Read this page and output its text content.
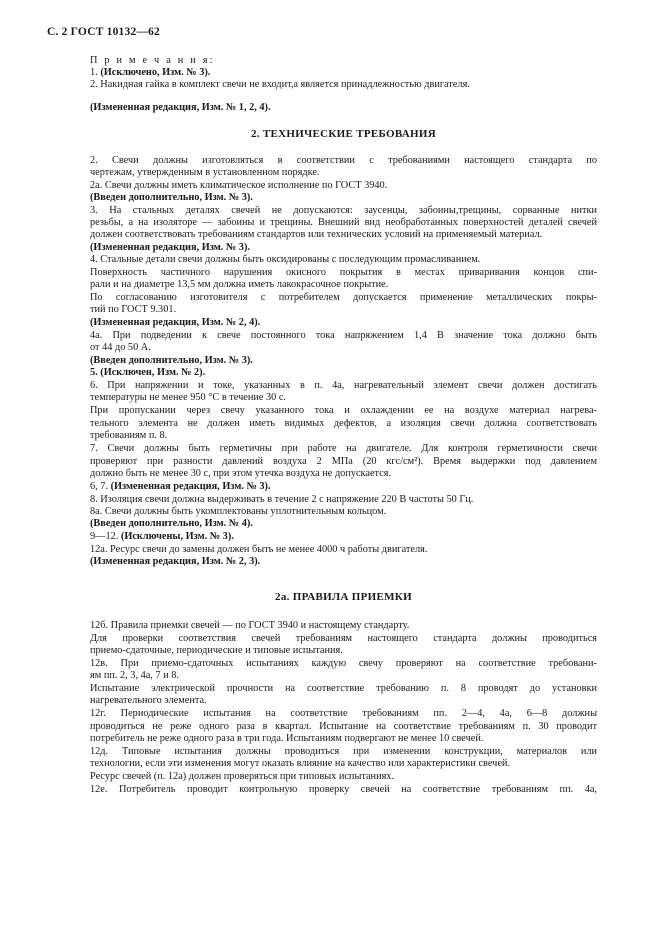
С. 2 ГОСТ 10132—62
П р и м е ч а н и я:
1. (Исключено, Изм. № 3).
2. Накидная гайка в комплект свечи не входит,а является принадлежностью двигателя.
(Измененная редакция, Изм. № 1, 2, 4).
2. ТЕХНИЧЕСКИЕ ТРЕБОВАНИЯ
2. Свечи должны изготовляться в соответствии с требованиями настоящего стандарта по
чертежам, утвержденным в установленном порядке.
2а. Свечи должны иметь климатическое исполнение по ГОСТ 3940.
(Введен дополнительно, Изм. № 3).
3. На стальных деталях свечей не допускаются: заусенцы, забоины,трещины, сорванные нитки
резьбы, а на изоляторе — забоины и трещины. Внешний вид необработанных поверхностей деталей свечей
должен соответствовать требованиям стандартов или технических условий на применяемый материал.
(Измененная редакция, Изм. № 3).
4. Стальные детали свечи должны быть оксидированы с последующим промасливанием.
Поверхность частичного нарушения окисного покрытия в местах приваривания концов спи-
рали и на диаметре 13,5 мм должна иметь лакокрасочное покрытие.
По согласованию изготовителя с потребителем допускается применение металлических покры-
тий по ГОСТ 9.301.
(Измененная редакция, Изм. № 2, 4).
4а. При подведении к свече постоянного тока напряжением 1,4 В значение тока должно быть
от 44 до 50 А.
(Введен дополнительно, Изм. № 3).
5. (Исключен, Изм. № 2).
6. При напряжении и токе, указанных в п. 4а, нагревательный элемент свечи должен достигать
температуры не менее 950 °С в течение 30 с.
При пропускании через свечу указанного тока и охлаждении ее на воздухе материал нагрева-
тельного элемента не должен иметь видимых дефектов, а изоляция свечи должна соответствовать
требованиям п. 8.
7. Свечи должны быть герметичны при работе на двигателе. Для контроля герметичности свечи
проверяют при разности давлений воздуха 2 МПа (20 кгс/см²). Время выдержки под давлением
должно быть не менее 30 с, при этом утечка воздуха не допускается.
6, 7. (Измененная редакция, Изм. № 3).
8. Изоляция свечи должна выдерживать в течение 2 с напряжение 220 В частоты 50 Гц.
8а. Свечи должны быть укомплектованы уплотнительным кольцом.
(Введен дополнительно, Изм. № 4).
9—12. (Исключены, Изм. № 3).
12а. Ресурс свечи до замены должен быть не менее 4000 ч работы двигателя.
(Измененная редакция, Изм. № 2, 3).
2а. ПРАВИЛА ПРИЕМКИ
12б. Правила приемки свечей — по ГОСТ 3940 и настоящему стандарту.
Для проверки соответствия свечей требованиям настоящего стандарта должны проводиться
приемо-сдаточные, периодические и типовые испытания.
12в. При приемо-сдаточных испытаниях каждую свечу проверяют на соответствие требовани-
ям пп. 2, 3, 4а, 7 и 8.
Испытание электрической прочности на соответствие требованию п. 8 проводят до установки
нагревательного элемента.
12г. Периодические испытания на соответствие требованиям пп. 2—4, 4а, 6—8 должны
проводиться не реже одного раза в квартал. Испытание на соответствие требованиям п. 30 проводит
потребитель не реже одного раза в три года. Испытаниям подвергают не менее 10 свечей.
12д. Типовые испытания должны проводиться при изменении конструкции, материалов или
технологии, если эти изменения могут оказать влияние на качество или характеристики свечей.
Ресурс свечей (п. 12а) должен проверяться при типовых испытаниях.
12е. Потребитель проводит контрольную проверку свечей на соответствие требованиям пп. 4а,
